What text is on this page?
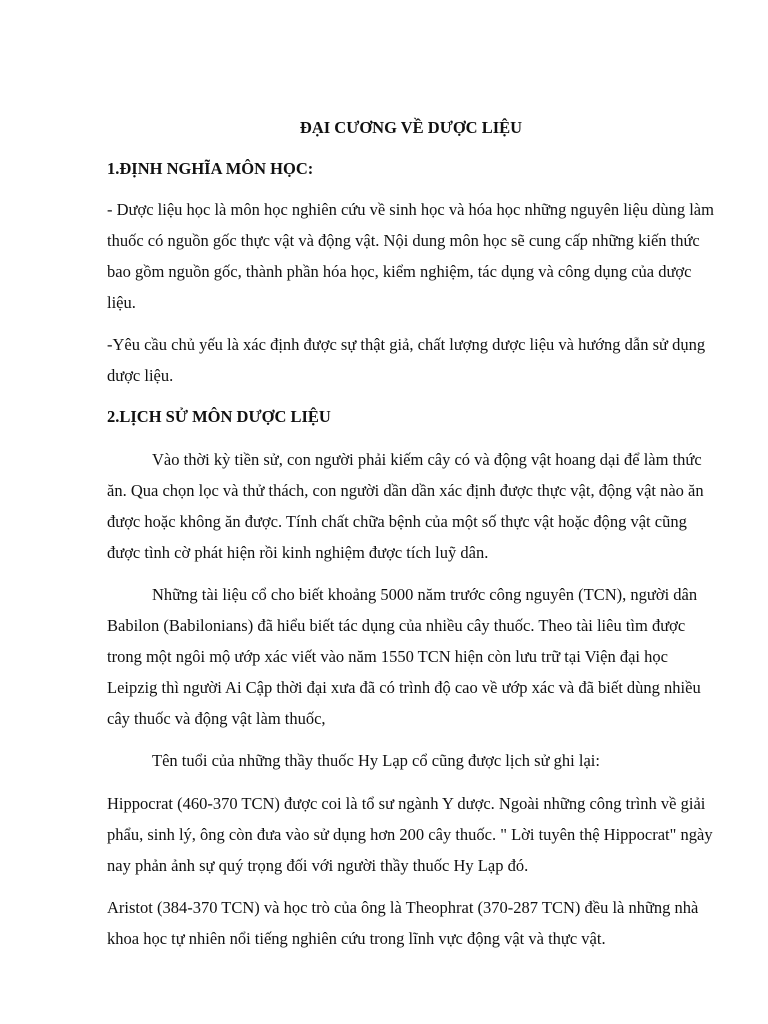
ĐẠI CƯƠNG VỀ DƯỢC LIỆU
1.ĐỊNH NGHĨA MÔN HỌC:

- Dược liệu học là môn học nghiên cứu về sinh học và hóa học những nguyên liệu dùng làm thuốc có nguồn gốc thực vật và động vật. Nội dung môn học sẽ cung cấp những kiến thức bao gồm nguồn gốc, thành phần hóa học, kiểm nghiệm, tác dụng và công dụng của dược liệu.

-Yêu cầu chủ yếu là xác định được sự thật giả, chất lượng dược liệu và hướng dẫn sử dụng dược liệu.

2.LỊCH SỬ MÔN DƯỢC LIỆU

Vào thời kỳ tiền sử, con người phải kiếm cây có và động vật hoang dại để làm thức ăn. Qua chọn lọc và thử thách, con người dần dần xác định được thực vật, động vật nào ăn được hoặc không ăn được. Tính chất chữa bệnh của một số thực vật hoặc động vật cũng được tình cờ phát hiện rồi kinh nghiệm được tích luỹ dân.

Những tài liệu cổ cho biết khoảng 5000 năm trước công nguyên (TCN), người dân Babilon (Babilonians) đã hiểu biết tác dụng của nhiều cây thuốc. Theo tài liêu tìm được trong một ngôi mộ ướp xác viết vào năm 1550 TCN hiện còn lưu trữ tại Viện đại học Leipzig thì người Ai Cập thời đại xưa đã có trình độ cao về ướp xác và đã biết dùng nhiều cây thuốc và động vật làm thuốc,

Tên tuổi của những thầy thuốc Hy Lạp cổ cũng được lịch sử ghi lại:

Hippocrat (460-370 TCN) được coi là tổ sư ngành Y dược. Ngoài những công trình về giải phẩu, sinh lý, ông còn đưa vào sử dụng hơn 200 cây thuốc. " Lời tuyên thệ Hippocrat" ngày nay phản ảnh sự quý trọng đối với người thầy thuốc Hy Lạp đó.

Aristot (384-370 TCN) và học trò của ông là Theophrat (370-287 TCN) đều là những nhà khoa học tự nhiên nổi tiếng nghiên cứu trong lĩnh vực động vật và thực vật.
